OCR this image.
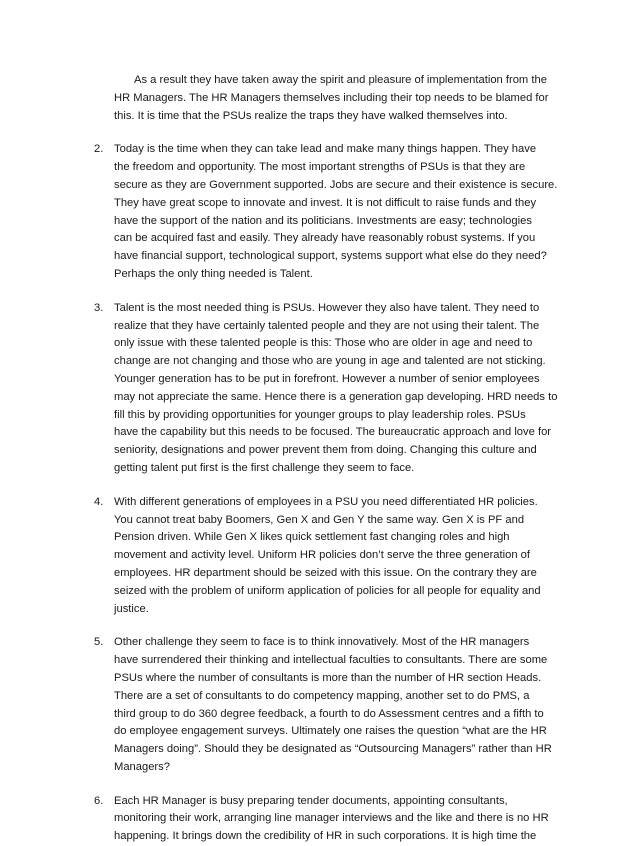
As a result they have taken away the spirit and pleasure of implementation from the
HR Managers. The HR Managers themselves including their top needs to be blamed for
this. It is time that the PSUs realize the traps they have walked themselves into.
2. Today is the time when they can take lead and make many things happen. They have
the freedom and opportunity. The most important strengths of PSUs is that they are
secure as they are Government supported. Jobs are secure and their existence is secure.
They have great scope to innovate and invest. It is not difficult to raise funds and they
have the support of the nation and its politicians. Investments are easy; technologies
can be acquired fast and easily. They already have reasonably robust systems. If you
have financial support, technological support, systems support what else do they need?
Perhaps the only thing needed is Talent.
3. Talent is the most needed thing is PSUs. However they also have talent. They need to
realize that they have certainly talented people and they are not using their talent. The
only issue with these talented people is this: Those who are older in age and need to
change are not changing and those who are young in age and talented are not sticking.
Younger generation has to be put in forefront. However a number of senior employees
may not appreciate the same. Hence there is a generation gap developing. HRD needs to
fill this by providing opportunities for younger groups to play leadership roles. PSUs
have the capability but this needs to be focused. The bureaucratic approach and love for
seniority, designations and power prevent them from doing. Changing this culture and
getting talent put first is the first challenge they seem to face.
4. With different generations of employees in a PSU you need differentiated HR policies.
You cannot treat baby Boomers, Gen X and Gen Y the same way. Gen X is PF and
Pension driven. While Gen X likes quick settlement fast changing roles and high
movement and activity level. Uniform HR policies don’t serve the three generation of
employees. HR department should be seized with this issue. On the contrary they are
seized with the problem of uniform application of policies for all people for equality and
justice.
5. Other challenge they seem to face is to think innovatively. Most of the HR managers
have surrendered their thinking and intellectual faculties to consultants. There are some
PSUs where the number of consultants is more than the number of HR section Heads.
There are a set of consultants to do competency mapping, another set to do PMS, a
third group to do 360 degree feedback, a fourth to do Assessment centres and a fifth to
do employee engagement surveys. Ultimately one raises the question “what are the HR
Managers doing”. Should they be designated as “Outsourcing Managers” rather than HR
Managers?
6. Each HR Manager is busy preparing tender documents, appointing consultants,
monitoring their work, arranging line manager interviews and the like and there is no HR
happening. It brings down the credibility of HR in such corporations. It is high time the
